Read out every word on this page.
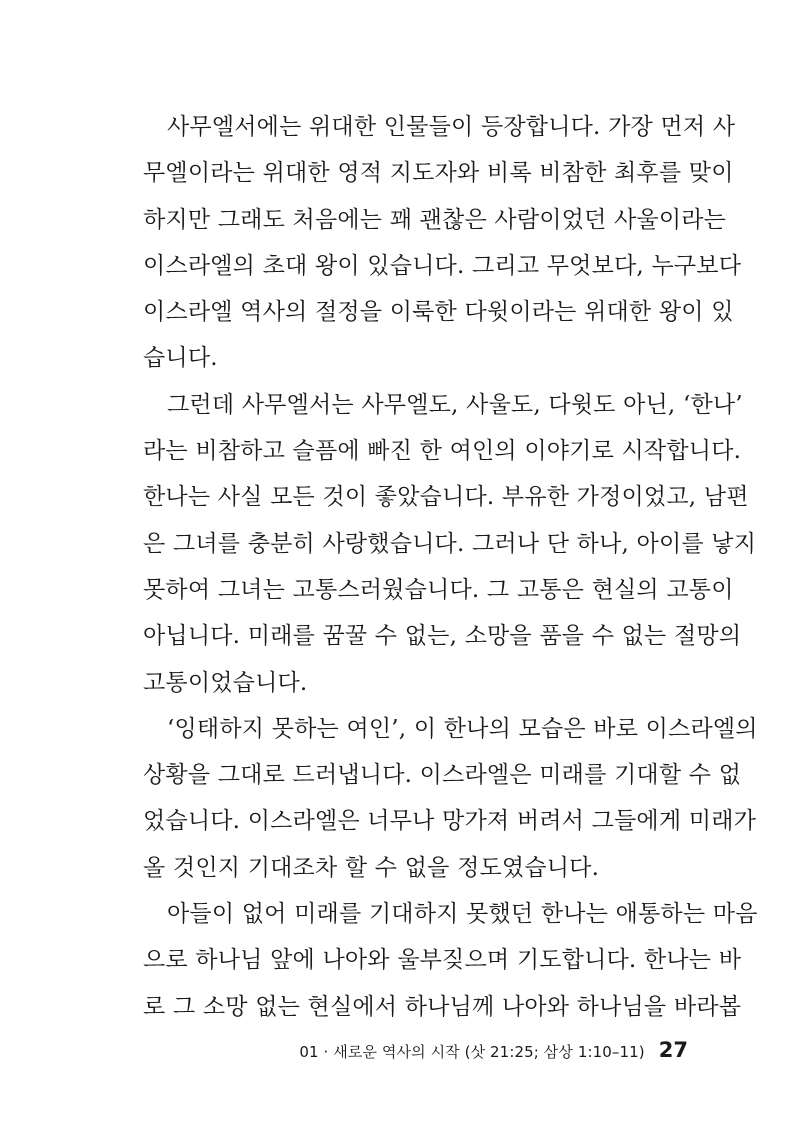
사무엘서에는 위대한 인물들이 등장합니다. 가장 먼저 사
무엘이라는 위대한 영적 지도자와 비록 비참한 최후를 맞이
하지만 그래도 처음에는 꽤 괜찮은 사람이었던 사울이라는
이스라엘의 초대 왕이 있습니다. 그리고 무엇보다, 누구보다
이스라엘 역사의 절정을 이룩한 다윗이라는 위대한 왕이 있
습니다.
그런데 사무엘서는 사무엘도, 사울도, 다윗도 아닌, ‘한나’
라는 비참하고 슬픔에 빠진 한 여인의 이야기로 시작합니다.
한나는 사실 모든 것이 좋았습니다. 부유한 가정이었고, 남편
은 그녀를 충분히 사랑했습니다. 그러나 단 하나, 아이를 낳지
못하여 그녀는 고통스러웠습니다. 그 고통은 현실의 고통이
아닙니다. 미래를 꿈꿀 수 없는, 소망을 품을 수 없는 절망의
고통이었습니다.
‘잉태하지 못하는 여인’, 이 한나의 모습은 바로 이스라엘의
상황을 그대로 드러냅니다. 이스라엘은 미래를 기대할 수 없
었습니다. 이스라엘은 너무나 망가져 버려서 그들에게 미래가
올 것인지 기대조차 할 수 없을 정도였습니다.
아들이 없어 미래를 기대하지 못했던 한나는 애통하는 마음
으로 하나님 앞에 나아와 울부짖으며 기도합니다. 한나는 바
로 그 소망 없는 현실에서 하나님께 나아와 하나님을 바라봅
01 · 새로운 역사의 시작 (삿 21:25; 삼상 1:10–11) 27
